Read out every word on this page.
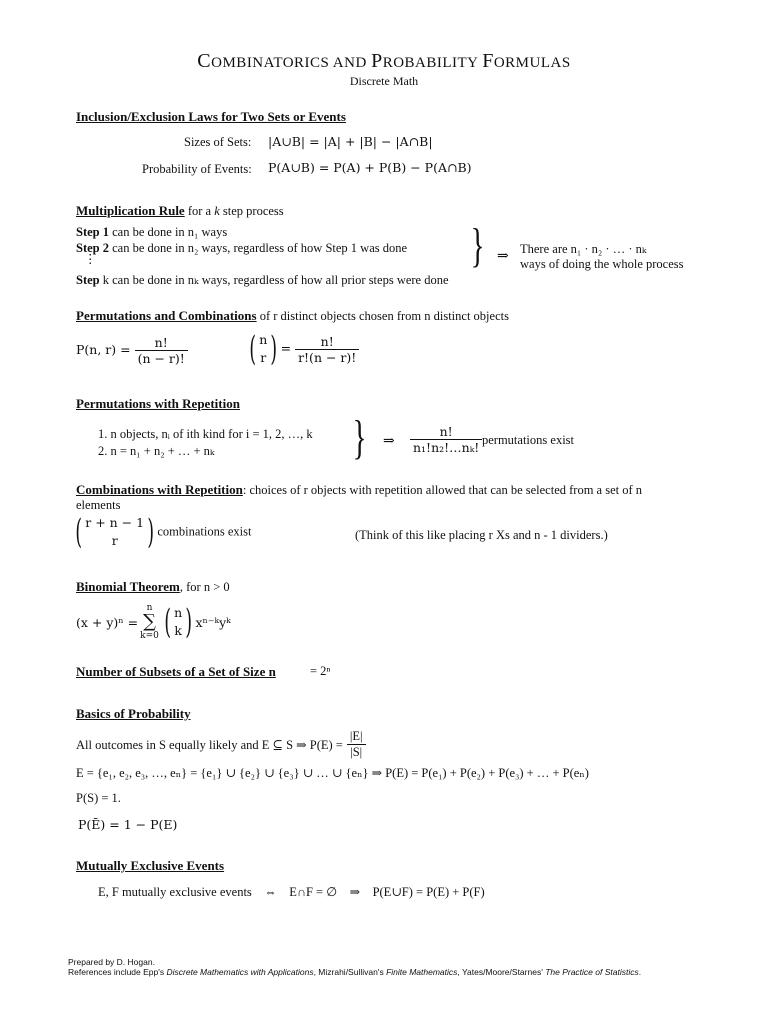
COMBINATORICS AND PROBABILITY FORMULAS
Discrete Math
Inclusion/Exclusion Laws for Two Sets or Events
Sizes of Sets: |A∪B| = |A| + |B| − |A∩B|
Probability of Events: P(A∪B) = P(A) + P(B) − P(A∩B)
Multiplication Rule for a k step process
Step 1 can be done in n₁ ways
Step 2 can be done in n₂ ways, regardless of how Step 1 was done
⋮
Step k can be done in nₖ ways, regardless of how all prior steps were done
} ⇒ There are n₁ · n₂ · … · nₖ
ways of doing the whole process
Permutations and Combinations of r distinct objects chosen from n distinct objects
P(n, $r) = \frac{n!}{(n - r)!}$ ( n
r ) = $\frac{n!}{r!(n - r)!}$
Permutations with Repetition
1. n objects, nᵢ of ith kind for i = 1, 2, …, k
2. n = n₁ + n₂ + … + nₖ	} ⇒ $\frac{n!}{\text{n₁!n₂!…nₖ!}}$ permutations exist
Combinations with Repetition: choices of r objects with repetition allowed that can be selected from a set of n
elements
( r + n − 1
r ) combinations exist	(Think of this like placing r Xs and n - 1 dividers.)
Binomial Theorem, for n > 0
(x + y)ⁿ =
n
∑
k=0 ( n
k ) xⁿ⁻ᵏyᵏ
Number of Subsets of a Set of Size n	= 2ⁿ
Basics of Probability
All outcomes in S equally likely and E ⊆ S ⇒ $P(E) = \frac{|E|}{|S|}$
E = {e₁, e₂, e₃, …, eₙ} = {e₁} ∪ {e₂} ∪ {e₃} ∪ … ∪ {eₙ} ⇒ P(E) = P(e₁) + P(e₂) + P(e₃) + … + P(eₙ)
P(S) = 1.
P(Ē) = 1 − P(E)
Mutually Exclusive Events
E, F mutually exclusive events    ⇔    E∩F = ∅    ⇒    P(E∪F) = P(E) + P(F)
Prepared by D. Hogan.
References include Epp's Discrete Mathematics with Applications, Mizrahi/Sullivan's Finite Mathematics, Yates/Moore/Starnes' The Practice of Statistics.
